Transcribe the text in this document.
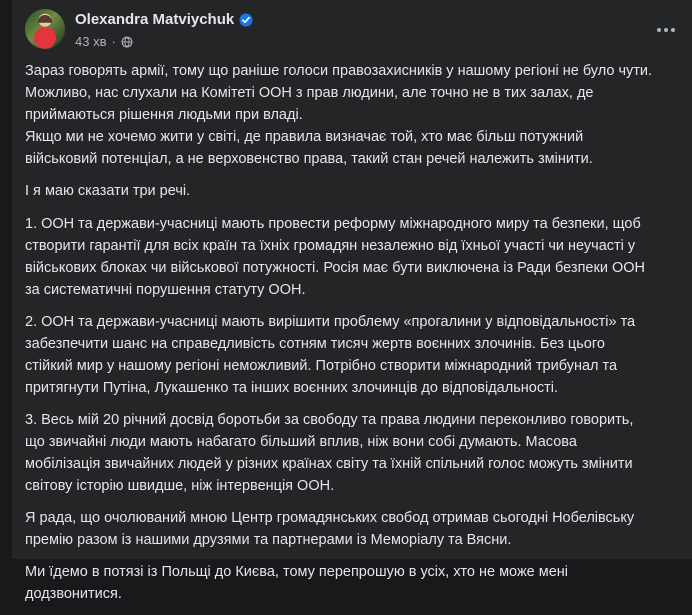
Olexandra Matviychuk
43 хв ·

Зараз говорять армії, тому що раніше голоси правозахисників у нашому регіоні не було чути.
Можливо, нас слухали на Комітеті ООН з прав людини, але точно не в тих залах, де
приймаються рішення людьми при владі.
Якщо ми не хочемо жити у світі, де правила визначає той, хто має більш потужний
військовий потенціал, а не верховенство права, такий стан речей належить змінити.

І я маю сказати три речі.

1. ООН та держави-учасниці мають провести реформу міжнародного миру та безпеки, щоб
створити гарантії для всіх країн та їхніх громадян незалежно від їхньої участі чи неучасті у
військових блоках чи військової потужності. Росія має бути виключена із Ради безпеки ООН
за систематичні порушення статуту ООН.

2. ООН та держави-учасниці мають вирішити проблему «прогалини у відповідальності» та
забезпечити шанс на справедливість сотням тисяч жертв воєнних злочинів. Без цього
стійкий мир у нашому регіоні неможливий. Потрібно створити міжнародний трибунал та
притягнути Путіна, Лукашенко та інших воєнних злочинців до відповідальності.

3. Весь мій 20 річний досвід боротьби за свободу та права людини переконливо говорить,
що звичайні люди мають набагато більший вплив, ніж вони собі думають. Масова
мобілізація звичайних людей у різних країнах світу та їхній спільний голос можуть змінити
світову історію швидше, ніж інтервенція ООН.

Я рада, що очолюваний мною Центр громадянських свобод отримав сьогодні Нобелівську
премію разом із нашими друзями та партнерами із Меморіалу та Вясни.

Ми їдемо в потязі із Польщі до Києва, тому перепрошую в усіх, хто не може мені
додзвонитися.
